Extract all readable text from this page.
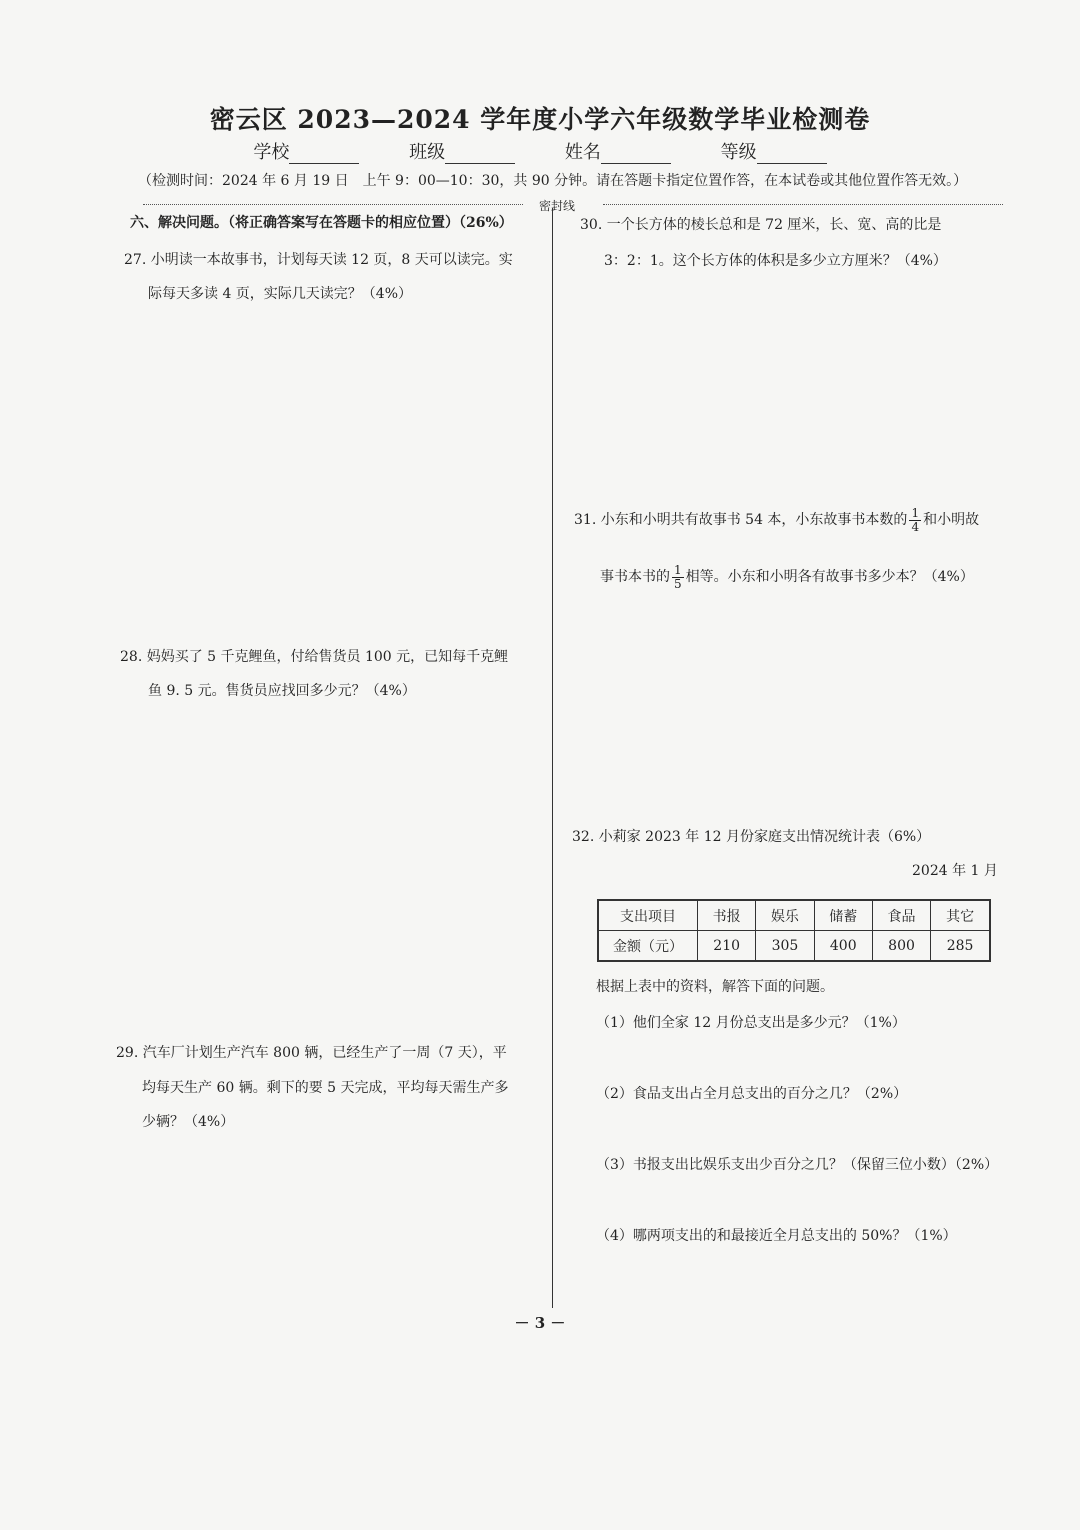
密云区 2023—2024 学年度小学六年级数学毕业检测卷
学校	班级	姓名	等级
（检测时间：2024 年 6 月 19 日　上午 9：00—10：30，共 90 分钟。请在答题卡指定位置作答，在本试卷或其他位置作答无效。）
密封线
六、解决问题。（将正确答案写在答题卡的相应位置）（26%）
27. 小明读一本故事书，计划每天读 12 页，8 天可以读完。实
际每天多读 4 页，实际几天读完？（4%）
28. 妈妈买了 5 千克鲤鱼，付给售货员 100 元，已知每千克鲤
鱼 9. 5 元。售货员应找回多少元？（4%）
29. 汽车厂计划生产汽车 800 辆，已经生产了一周（7 天），平
均每天生产 60 辆。剩下的要 5 天完成，平均每天需生产多
少辆？（4%）
30. 一个长方体的棱长总和是 72 厘米，长、宽、高的比是
3：2：1。这个长方体的体积是多少立方厘米？（4%）
31. 小东和小明共有故事书 54 本，小东故事书本数的 $\frac{1}{4}$ 和小明故
事书本书的 $\frac{1}{5}$ 相等。小东和小明各有故事书多少本？（4%）
32. 小莉家 2023 年 12 月份家庭支出情况统计表（6%）
2024 年 1 月
支出项目	书报	娱乐	储蓄	食品	其它
金额（元）	210	305	400	800	285
根据上表中的资料，解答下面的问题。
（1）他们全家 12 月份总支出是多少元？（1%）
（2）食品支出占全月总支出的百分之几？（2%）
（3）书报支出比娱乐支出少百分之几？（保留三位小数）（2%）
（4）哪两项支出的和最接近全月总支出的 50%？（1%）
－ 3 －
